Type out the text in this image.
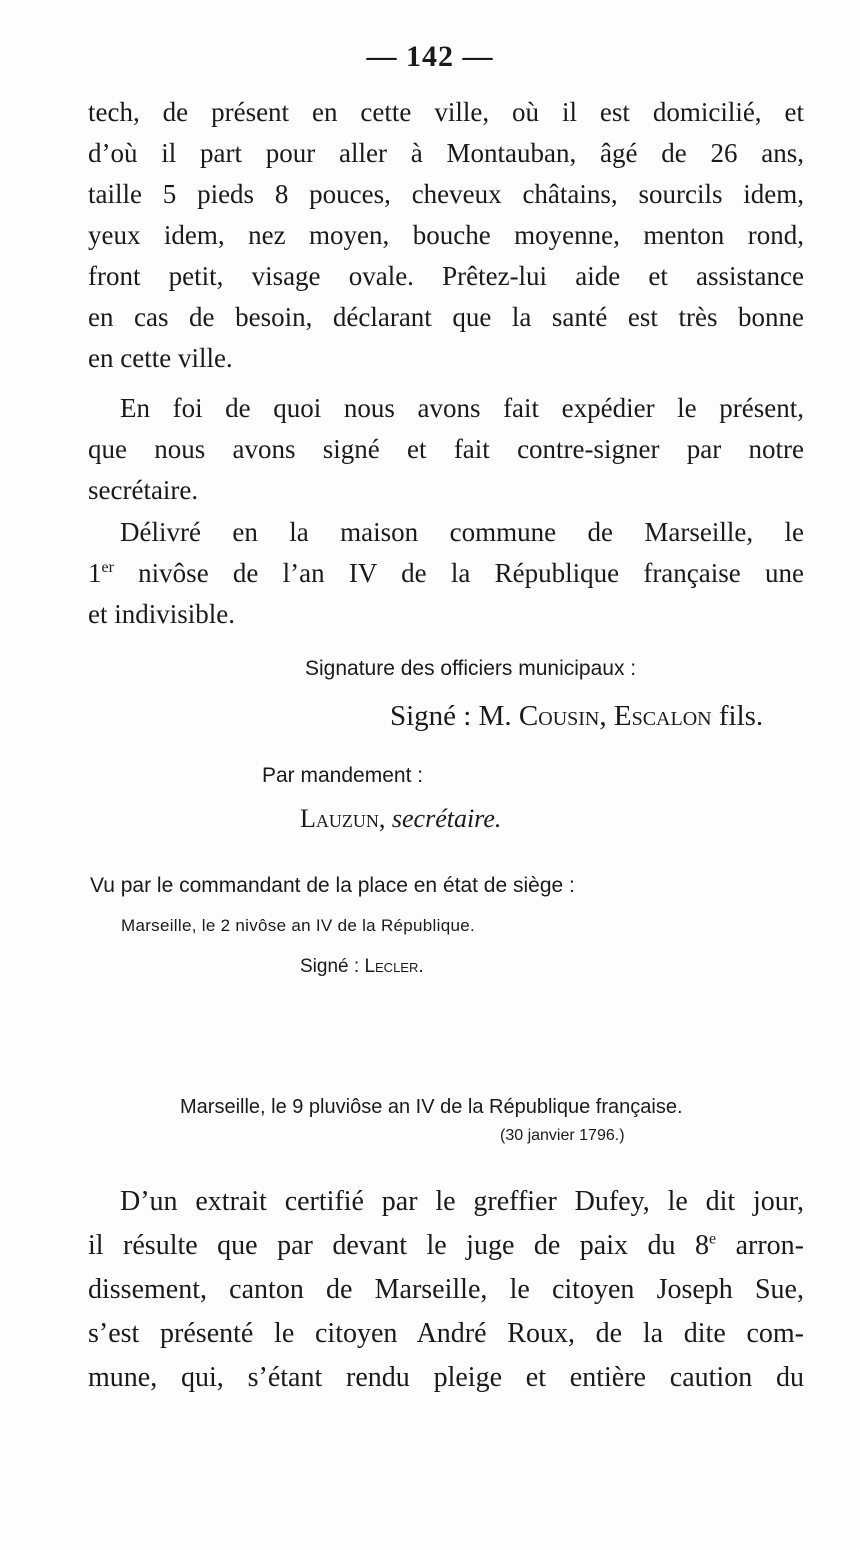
— 142 —
tech, de présent en cette ville, où il est domicilié, et
d’où il part pour aller à Montauban, âgé de 26 ans,
taille 5 pieds 8 pouces, cheveux châtains, sourcils idem,
yeux idem, nez moyen, bouche moyenne, menton rond,
front petit, visage ovale. Prêtez-lui aide et assistance
en cas de besoin, déclarant que la santé est très bonne
en cette ville.
En foi de quoi nous avons fait expédier le présent,
que nous avons signé et fait contre-signer par notre
secrétaire.
Délivré en la maison commune de Marseille, le
1er nivôse de l’an IV de la République française une
et indivisible.
Signature des officiers municipaux :
Signé : M. Cousin, Escalon fils.
Par mandement :
Lauzun, secrétaire.
Vu par le commandant de la place en état de siège :
Marseille, le 2 nivôse an IV de la République.
Signé : Lecler.
Marseille, le 9 pluviôse an IV de la République française.
(30 janvier 1796.)
D’un extrait certifié par le greffier Dufey, le dit jour,
il résulte que par devant le juge de paix du 8e arron-
dissement, canton de Marseille, le citoyen Joseph Sue,
s’est présenté le citoyen André Roux, de la dite com-
mune, qui, s’étant rendu pleige et entière caution du
